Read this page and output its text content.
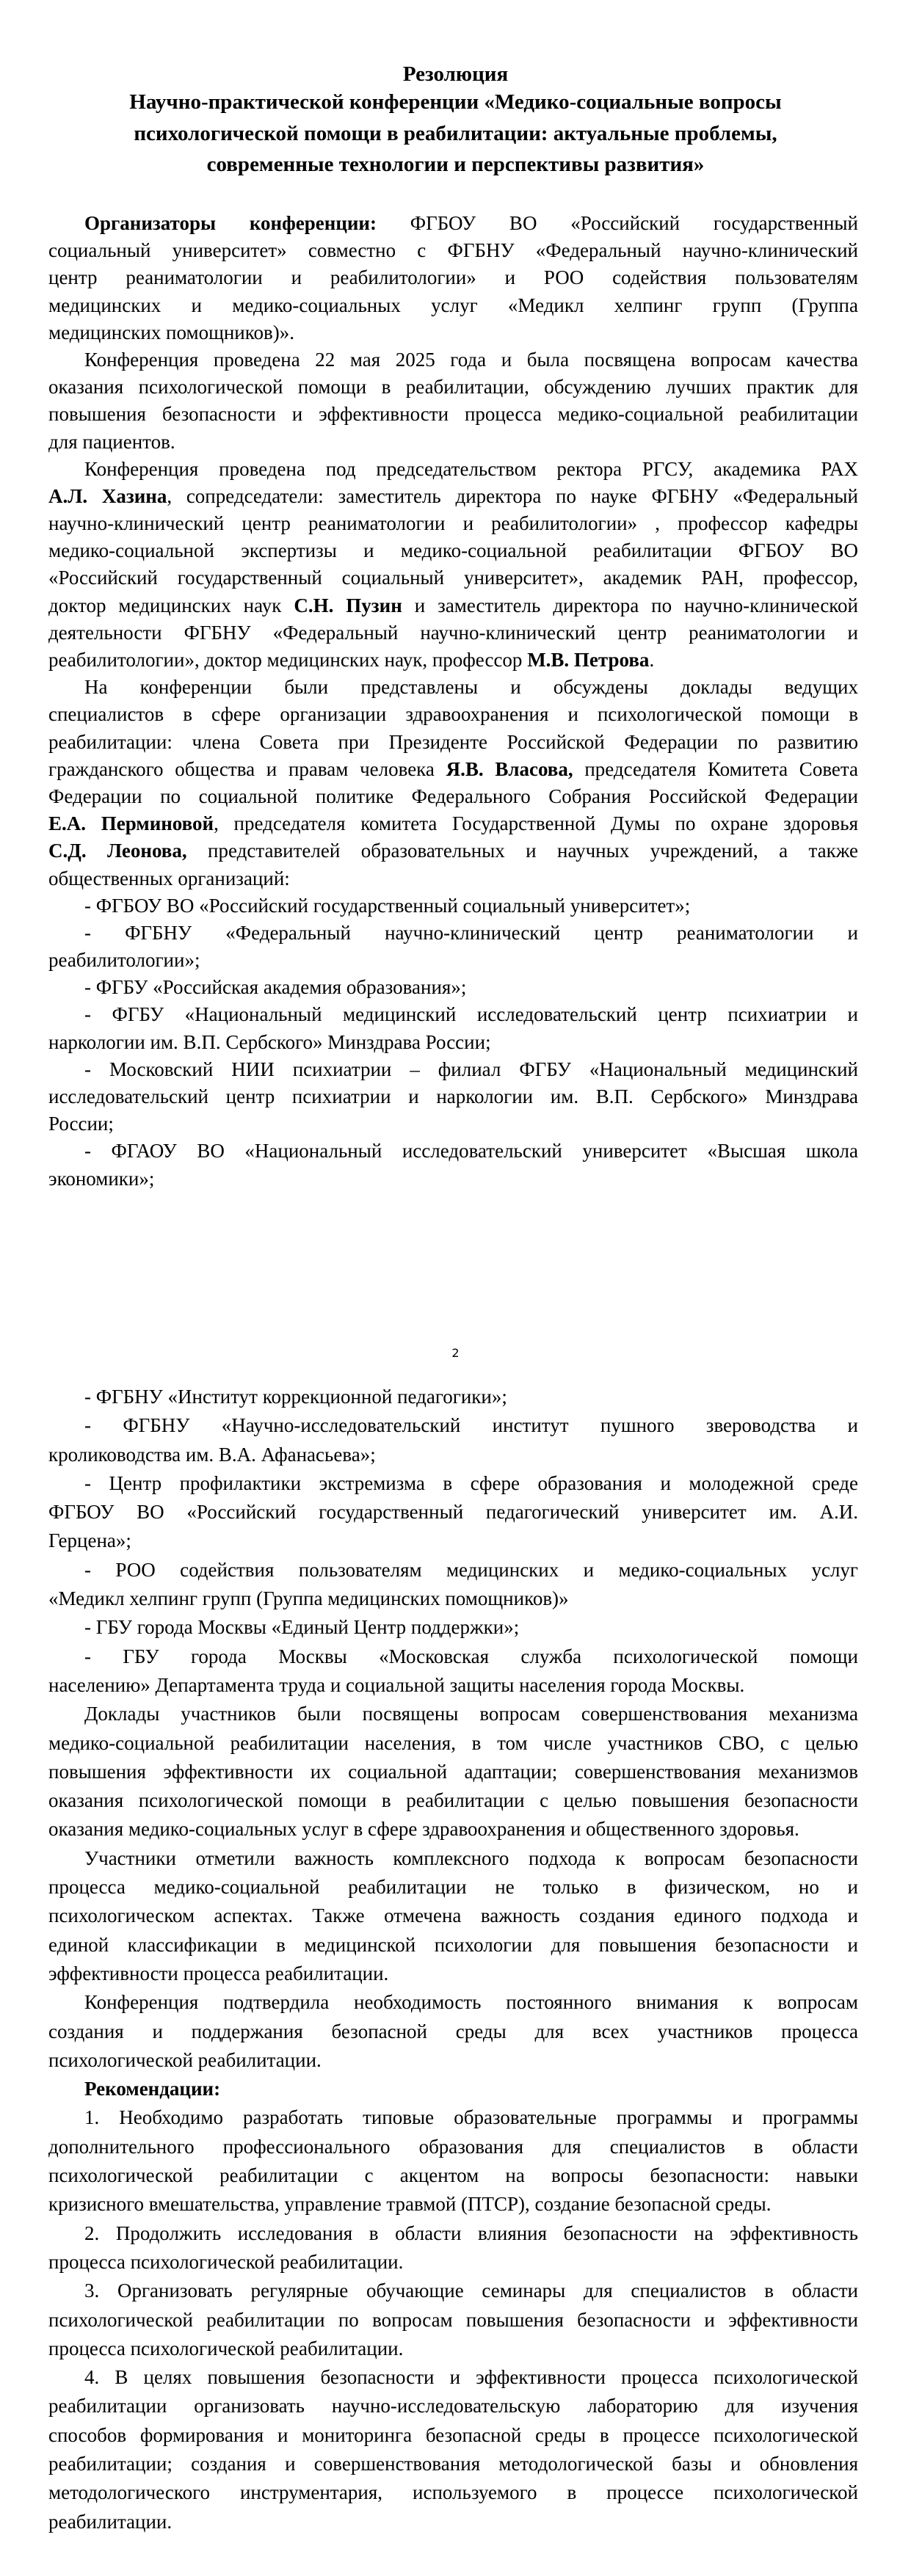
Резолюция
Научно-практической конференции «Медико-социальные вопросы
психологической помощи в реабилитации: актуальные проблемы,
современные технологии и перспективы развития»
Организаторы конференции: ФГБОУ ВО «Российский государственный
социальный университет» совместно с ФГБНУ «Федеральный научно-клинический
центр реаниматологии и реабилитологии» и РОО содействия пользователям
медицинских и медико-социальных услуг «Медикл хелпинг групп (Группа
медицинских помощников)».
Конференция проведена 22 мая 2025 года и была посвящена вопросам качества
оказания психологической помощи в реабилитации, обсуждению лучших практик для
повышения безопасности и эффективности процесса медико-социальной реабилитации
для пациентов.
Конференция проведена под председательством ректора РГСУ, академика РАХ
А.Л. Хазина, сопредседатели: заместитель директора по науке ФГБНУ «Федеральный
научно-клинический центр реаниматологии и реабилитологии» , профессор кафедры
медико-социальной экспертизы и медико-социальной реабилитации ФГБОУ ВО
«Российский государственный социальный университет», академик РАН, профессор,
доктор медицинских наук С.Н. Пузин и заместитель директора по научно-клинической
деятельности ФГБНУ «Федеральный научно-клинический центр реаниматологии и
реабилитологии», доктор медицинских наук, профессор М.В. Петрова.
На конференции были представлены и обсуждены доклады ведущих
специалистов в сфере организации здравоохранения и психологической помощи в
реабилитации: члена Совета при Президенте Российской Федерации по развитию
гражданского общества и правам человека Я.В. Власова, председателя Комитета Совета
Федерации по социальной политике Федерального Собрания Российской Федерации
Е.А. Перминовой, председателя комитета Государственной Думы по охране здоровья
С.Д. Леонова, представителей образовательных и научных учреждений, а также
общественных организаций:
- ФГБОУ ВО «Российский государственный социальный университет»;
- ФГБНУ «Федеральный научно-клинический центр реаниматологии и
реабилитологии»;
- ФГБУ «Российская академия образования»;
- ФГБУ «Национальный медицинский исследовательский центр психиатрии и
наркологии им. В.П. Сербского» Минздрава России;
- Московский НИИ психиатрии – филиал ФГБУ «Национальный медицинский
исследовательский центр психиатрии и наркологии им. В.П. Сербского» Минздрава
России;
- ФГАОУ ВО «Национальный исследовательский университет «Высшая школа
экономики»;
2
- ФГБНУ «Институт коррекционной педагогики»;
- ФГБНУ «Научно-исследовательский институт пушного звероводства и
кролиководства им. В.А. Афанасьева»;
- Центр профилактики экстремизма в сфере образования и молодежной среде
ФГБОУ ВО «Российский государственный педагогический университет им. А.И.
Герцена»;
- РОО содействия пользователям медицинских и медико-социальных услуг
«Медикл хелпинг групп (Группа медицинских помощников)»
- ГБУ города Москвы «Единый Центр поддержки»;
- ГБУ города Москвы «Московская служба психологической помощи
населению» Департамента труда и социальной защиты населения города Москвы.
Доклады участников были посвящены вопросам совершенствования механизма
медико-социальной реабилитации населения, в том числе участников СВО, с целью
повышения эффективности их социальной адаптации; совершенствования механизмов
оказания психологической помощи в реабилитации с целью повышения безопасности
оказания медико-социальных услуг в сфере здравоохранения и общественного здоровья.
Участники отметили важность комплексного подхода к вопросам безопасности
процесса медико-социальной реабилитации не только в физическом, но и
психологическом аспектах. Также отмечена важность создания единого подхода и
единой классификации в медицинской психологии для повышения безопасности и
эффективности процесса реабилитации.
Конференция подтвердила необходимость постоянного внимания к вопросам
создания и поддержания безопасной среды для всех участников процесса
психологической реабилитации.
Рекомендации:
1. Необходимо разработать типовые образовательные программы и программы
дополнительного профессионального образования для специалистов в области
психологической реабилитации с акцентом на вопросы безопасности: навыки
кризисного вмешательства, управление травмой (ПТСР), создание безопасной среды.
2. Продолжить исследования в области влияния безопасности на эффективность
процесса психологической реабилитации.
3. Организовать регулярные обучающие семинары для специалистов в области
психологической реабилитации по вопросам повышения безопасности и эффективности
процесса психологической реабилитации.
4. В целях повышения безопасности и эффективности процесса психологической
реабилитации организовать научно-исследовательскую лабораторию для изучения
способов формирования и мониторинга безопасной среды в процессе психологической
реабилитации; создания и совершенствования методологической базы и обновления
методологического инструментария, используемого в процессе психологической
реабилитации.
